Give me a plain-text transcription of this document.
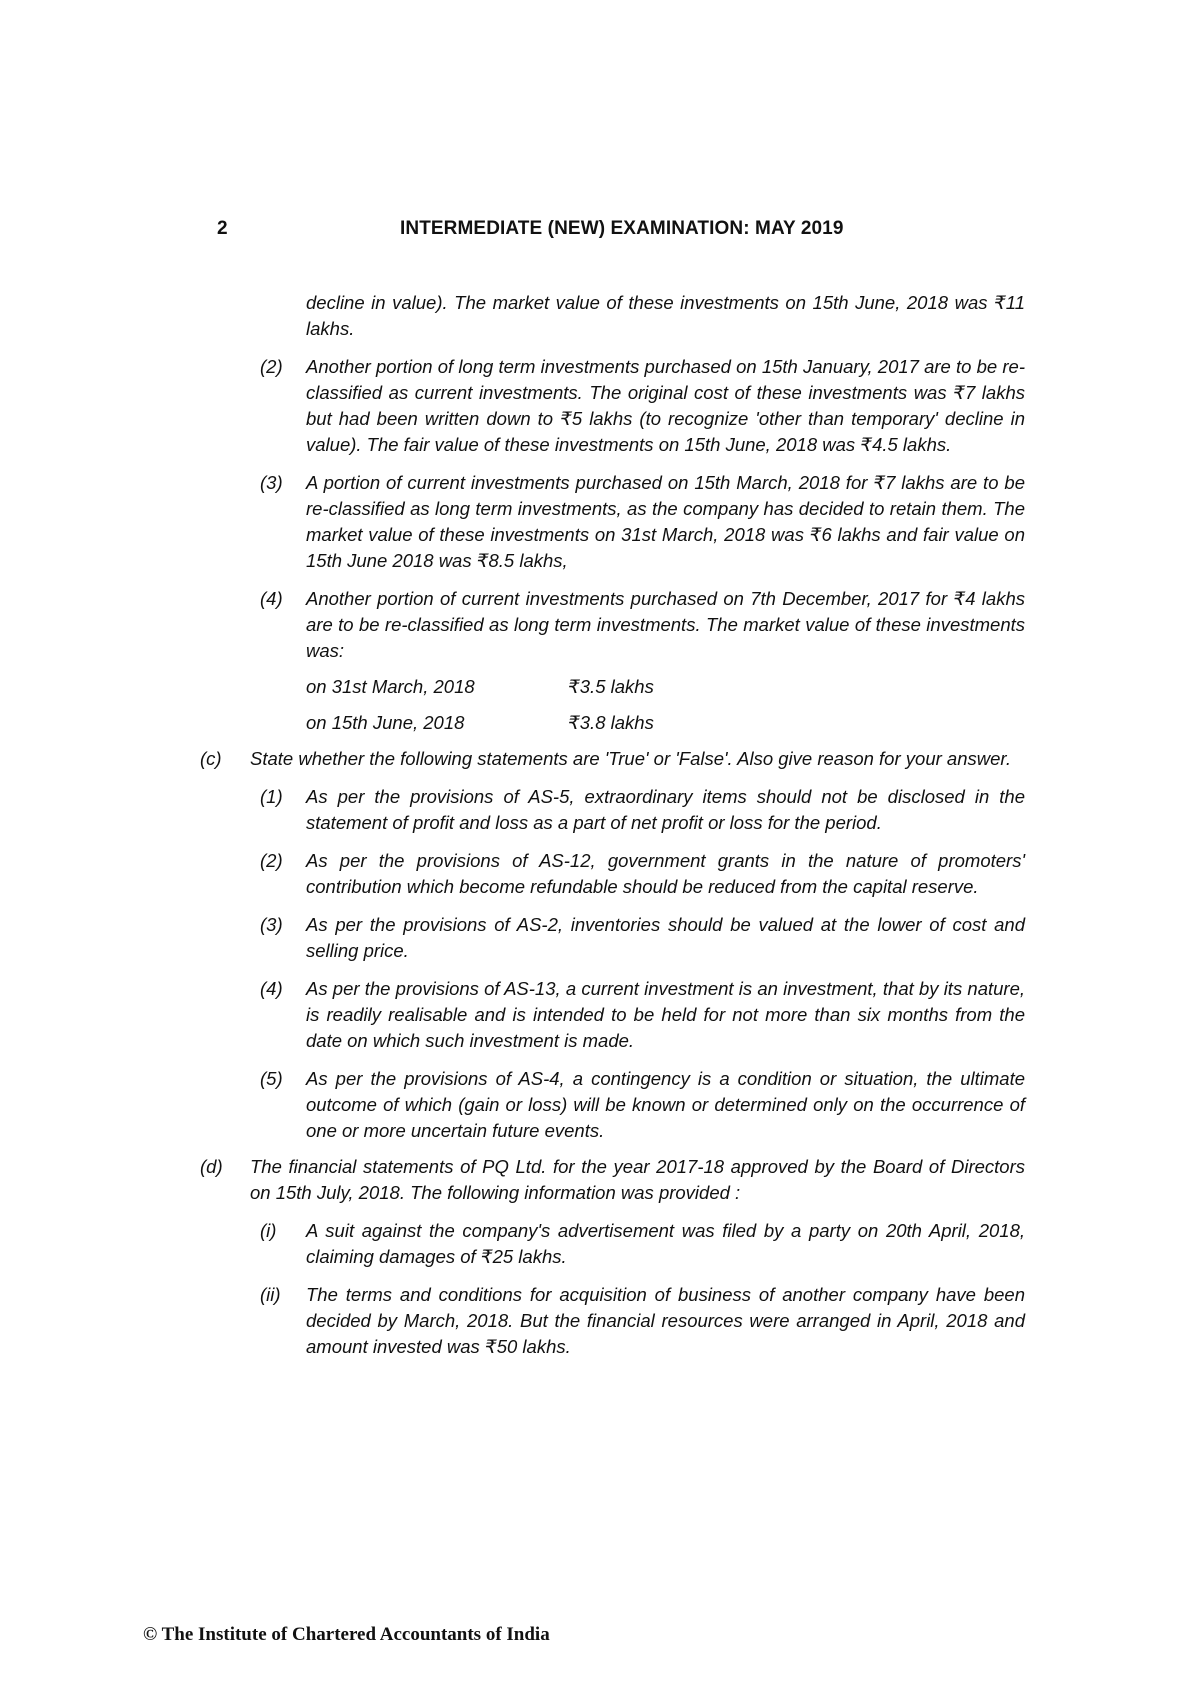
2	INTERMEDIATE (NEW) EXAMINATION: MAY 2019

decline in value). The market value of these investments on 15th June, 2018 was ₹11 lakhs.

(2)	Another portion of long term investments purchased on 15th January, 2017 are to be re-classified as current investments. The original cost of these investments was ₹7 lakhs but had been written down to ₹5 lakhs (to recognize 'other than temporary' decline in value). The fair value of these investments on 15th June, 2018 was ₹4.5 lakhs.

(3)	A portion of current investments purchased on 15th March, 2018 for ₹7 lakhs are to be re-classified as long term investments, as the company has decided to retain them. The market value of these investments on 31st March, 2018 was ₹6 lakhs and fair value on 15th June 2018 was ₹8.5 lakhs,

(4)	Another portion of current investments purchased on 7th December, 2017 for ₹4 lakhs are to be re-classified as long term investments. The market value of these investments was:

on 31st March, 2018	₹3.5 lakhs
on 15th June, 2018	₹3.8 lakhs
(c)	State whether the following statements are 'True' or 'False'. Also give reason for your answer.

(1)	As per the provisions of AS-5, extraordinary items should not be disclosed in the statement of profit and loss as a part of net profit or loss for the period.

(2)	As per the provisions of AS-12, government grants in the nature of promoters' contribution which become refundable should be reduced from the capital reserve.

(3)	As per the provisions of AS-2, inventories should be valued at the lower of cost and selling price.

(4)	As per the provisions of AS-13, a current investment is an investment, that by its nature, is readily realisable and is intended to be held for not more than six months from the date on which such investment is made.

(5)	As per the provisions of AS-4, a contingency is a condition or situation, the ultimate outcome of which (gain or loss) will be known or determined only on the occurrence of one or more uncertain future events.

(d)	The financial statements of PQ Ltd. for the year 2017-18 approved by the Board of Directors on 15th July, 2018. The following information was provided :

(i)	A suit against the company's advertisement was filed by a party on 20th April, 2018, claiming damages of ₹25 lakhs.

(ii)	The terms and conditions for acquisition of business of another company have been decided by March, 2018. But the financial resources were arranged in April, 2018 and amount invested was ₹50 lakhs.

© The Institute of Chartered Accountants of India
